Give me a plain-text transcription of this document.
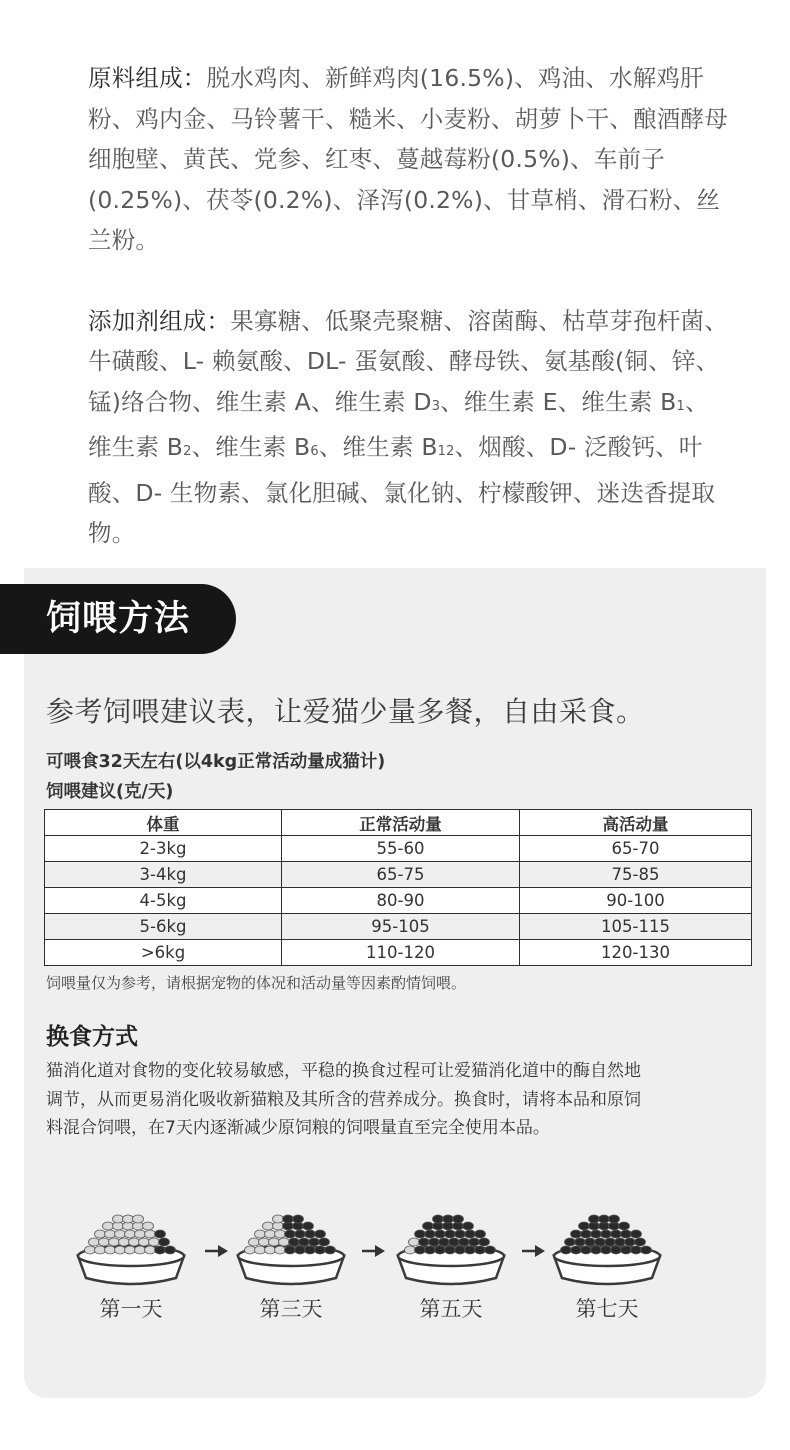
原料组成：脱水鸡肉、新鲜鸡肉(16.5%)、鸡油、水解鸡肝粉、鸡内金、马铃薯干、糙米、小麦粉、胡萝卜干、酿酒酵母细胞壁、黄芪、党参、红枣、蔓越莓粉(0.5%)、车前子(0.25%)、茯苓(0.2%)、泽泻(0.2%)、甘草梢、滑石粉、丝兰粉。

添加剂组成：果寡糖、低聚壳聚糖、溶菌酶、枯草芽孢杆菌、牛磺酸、L- 赖氨酸、DL- 蛋氨酸、酵母铁、氨基酸(铜、锌、锰)络合物、维生素 A、维生素 D3、维生素 E、维生素 B1、维生素 B2、维生素 B6、维生素 B12、烟酸、D- 泛酸钙、叶酸、D- 生物素、氯化胆碱、氯化钠、柠檬酸钾、迷迭香提取物。

饲喂方法
参考饲喂建议表，让爱猫少量多餐，自由采食。
可喂食32天左右(以4kg正常活动量成猫计)
饲喂建议(克/天)
体重	正常活动量	高活动量
2-3kg	55-60	65-70
3-4kg	65-75	75-85
4-5kg	80-90	90-100
5-6kg	95-105	105-115
>6kg	110-120	120-130
饲喂量仅为参考，请根据宠物的体况和活动量等因素酌情饲喂。
换食方式
猫消化道对食物的变化较易敏感，平稳的换食过程可让爱猫消化道中的酶自然地调节，从而更易消化吸收新猫粮及其所含的营养成分。换食时，请将本品和原饲料混合饲喂，在7天内逐渐减少原饲粮的饲喂量直至完全使用本品。
第一天	第三天	第五天	第七天
